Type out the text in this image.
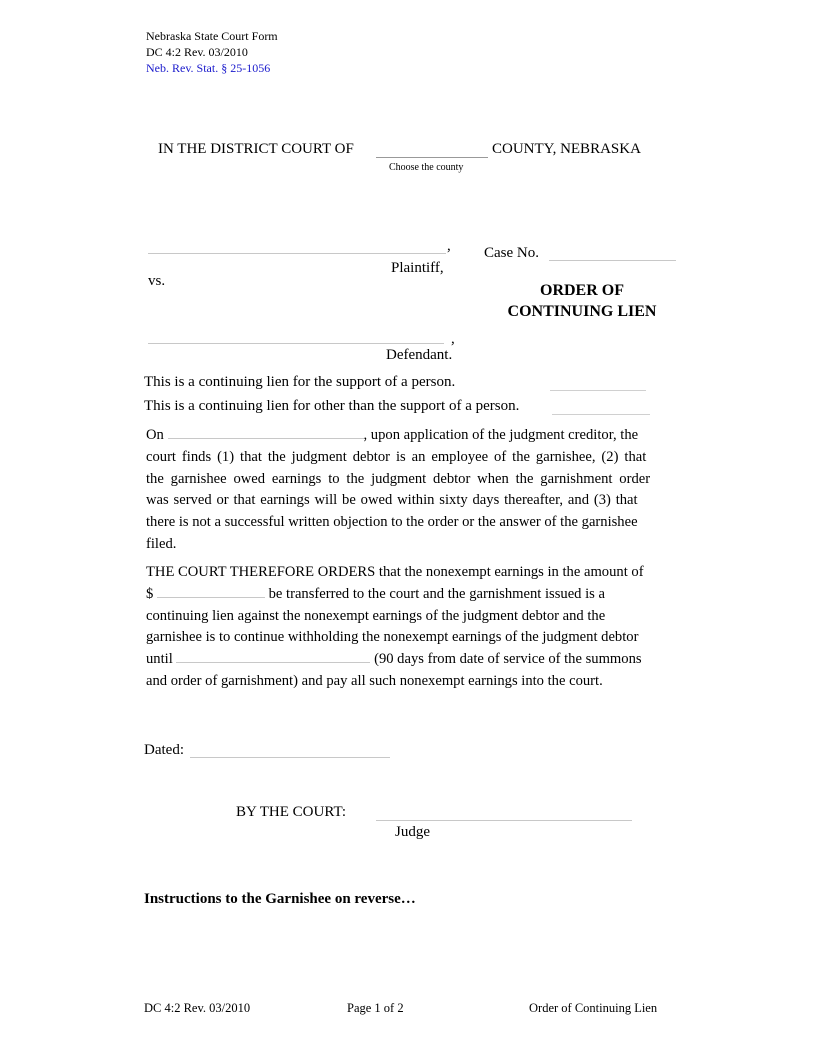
Nebraska State Court Form
DC 4:2 Rev. 03/2010
Neb. Rev. Stat. § 25-1056
IN THE DISTRICT COURT OF	COUNTY, NEBRASKA
Choose the county
,
Plaintiff,
vs.
Case No.
ORDER OF
CONTINUING LIEN
,
Defendant.
This is a continuing lien for the support of a person.
This is a continuing lien for other than the support of a person.
On	, upon application of the judgment creditor, the
court finds (1) that the judgment debtor is an employee of the garnishee, (2) that
the garnishee owed earnings to the judgment debtor when the garnishment order
was served or that earnings will be owed within sixty days thereafter, and (3) that
there is not a successful written objection to the order or the answer of the garnishee
filed.
THE COURT THEREFORE ORDERS that the nonexempt earnings in the amount of
$	be transferred to the court and the garnishment issued is a
continuing lien against the nonexempt earnings of the judgment debtor and the
garnishee is to continue withholding the nonexempt earnings of the judgment debtor
until	(90 days from date of service of the summons
and order of garnishment) and pay all such nonexempt earnings into the court.
Dated:
BY THE COURT:
Judge
Instructions to the Garnishee on reverse…
DC 4:2 Rev. 03/2010	Page 1 of 2	Order of Continuing Lien
